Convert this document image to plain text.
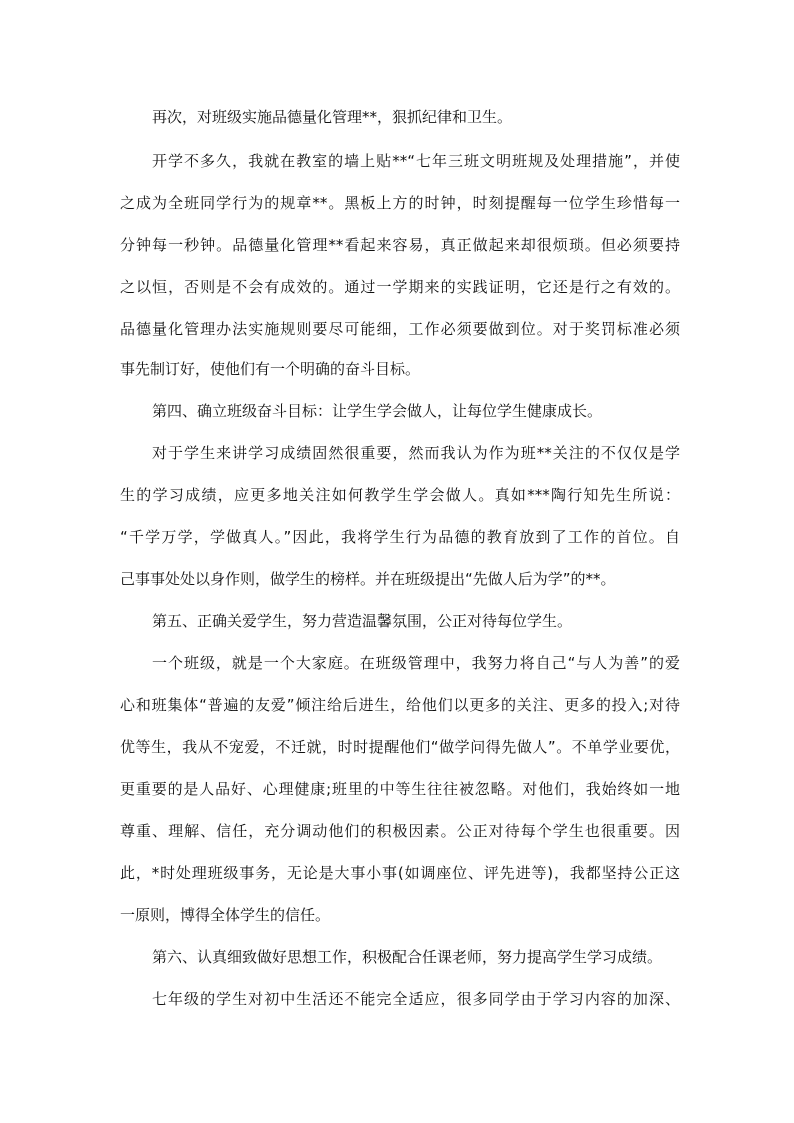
再次，对班级实施品德量化管理**，狠抓纪律和卫生。
开学不多久，我就在教室的墙上贴**“七年三班文明班规及处理措施”，并使
之成为全班同学行为的规章**。黑板上方的时钟，时刻提醒每一位学生珍惜每一
分钟每一秒钟。品德量化管理**看起来容易，真正做起来却很烦琐。但必须要持
之以恒，否则是不会有成效的。通过一学期来的实践证明，它还是行之有效的。
品德量化管理办法实施规则要尽可能细，工作必须要做到位。对于奖罚标准必须
事先制订好，使他们有一个明确的奋斗目标。
第四、确立班级奋斗目标：让学生学会做人，让每位学生健康成长。
对于学生来讲学习成绩固然很重要，然而我认为作为班**关注的不仅仅是学
生的学习成绩，应更多地关注如何教学生学会做人。真如***陶行知先生所说：
“千学万学，学做真人。”因此，我将学生行为品德的教育放到了工作的首位。自
己事事处处以身作则，做学生的榜样。并在班级提出“先做人后为学”的**。
第五、正确关爱学生，努力营造温馨氛围，公正对待每位学生。
一个班级，就是一个大家庭。在班级管理中，我努力将自己“与人为善”的爱
心和班集体“普遍的友爱”倾注给后进生，给他们以更多的关注、更多的投入;对待
优等生，我从不宠爱，不迁就，时时提醒他们“做学问得先做人”。不单学业要优，
更重要的是人品好、心理健康;班里的中等生往往被忽略。对他们，我始终如一地
尊重、理解、信任，充分调动他们的积极因素。公正对待每个学生也很重要。因
此，*时处理班级事务，无论是大事小事(如调座位、评先进等)，我都坚持公正这
一原则，博得全体学生的信任。
第六、认真细致做好思想工作，积极配合任课老师，努力提高学生学习成绩。
七年级的学生对初中生活还不能完全适应，很多同学由于学习内容的加深、
